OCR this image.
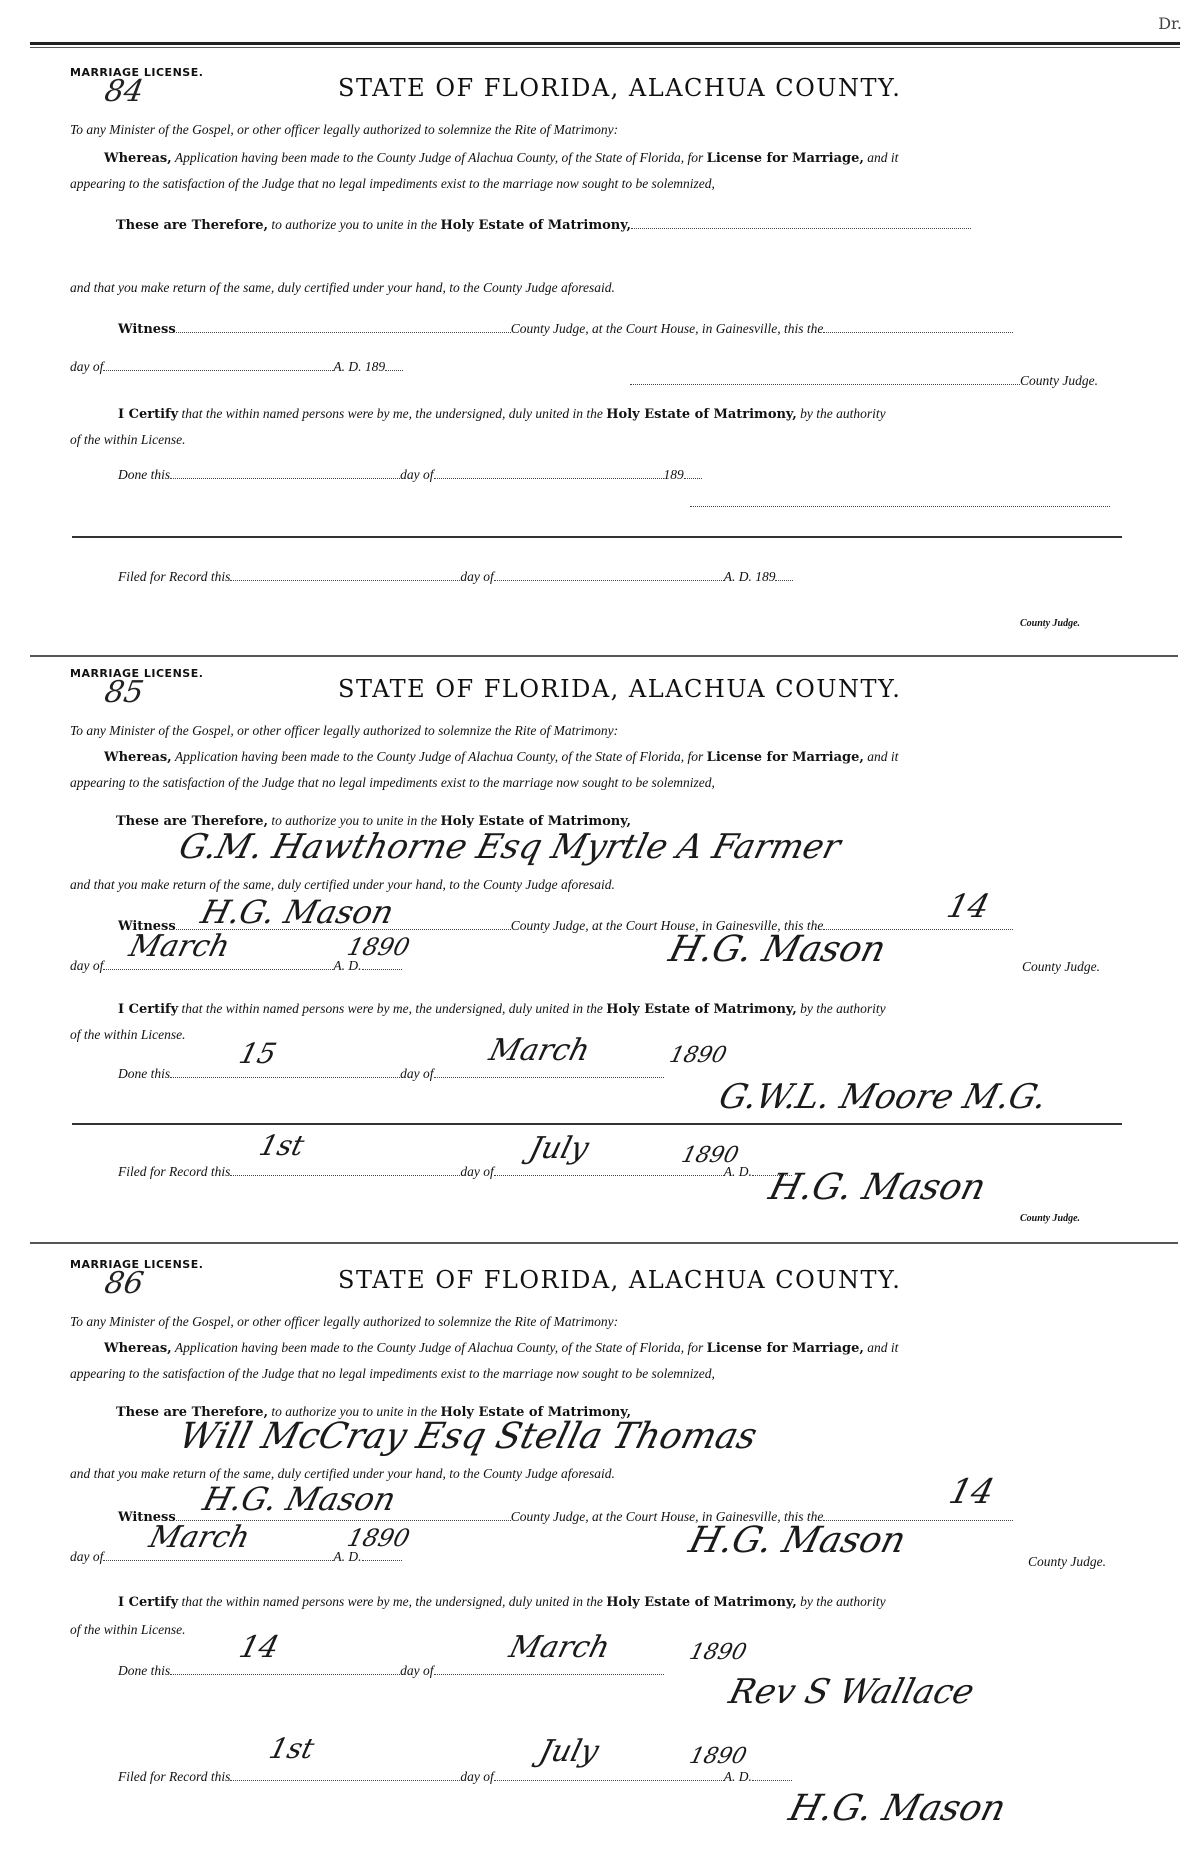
Dr.
MARRIAGE LICENSE.
84	STATE OF FLORIDA, ALACHUA COUNTY.
To any Minister of the Gospel, or other officer legally authorized to solemnize the Rite of Matrimony:
Whereas, Application having been made to the County Judge of Alachua County, of the State of Florida, for License for Marriage, and it
appearing to the satisfaction of the Judge that no legal impediments exist to the marriage now sought to be solemnized,
These are Therefore, to authorize you to unite in the Holy Estate of Matrimony,
and that you make return of the same, duly certified under your hand, to the County Judge aforesaid.
Witness	County Judge, at the Court House, in Gainesville, this the
day of	A. D. 189
County Judge.
I Certify that the within named persons were by me, the undersigned, duly united in the Holy Estate of Matrimony, by the authority
of the within License.
Done this	day of	189
Filed for Record this	day of	A. D. 189
County Judge.
MARRIAGE LICENSE.
85	STATE OF FLORIDA, ALACHUA COUNTY.
To any Minister of the Gospel, or other officer legally authorized to solemnize the Rite of Matrimony:
Whereas, Application having been made to the County Judge of Alachua County, of the State of Florida, for License for Marriage, and it
appearing to the satisfaction of the Judge that no legal impediments exist to the marriage now sought to be solemnized,
These are Therefore, to authorize you to unite in the Holy Estate of Matrimony,
G.M. Hawthorne Esq Myrtle A Farmer
and that you make return of the same, duly certified under your hand, to the County Judge aforesaid.
Witness	County Judge, at the Court House, in Gainesville, this the
H.G. Mason	14
day of	A. D.
March	1890
County Judge.
H.G. Mason
I Certify that the within named persons were by me, the undersigned, duly united in the Holy Estate of Matrimony, by the authority
of the within License.
Done this	day of
15	March	1890
G.W.L. Moore M.G.
Filed for Record this	day of	A. D.
1st	July	1890
H.G. Mason
County Judge.
MARRIAGE LICENSE.
86	STATE OF FLORIDA, ALACHUA COUNTY.
To any Minister of the Gospel, or other officer legally authorized to solemnize the Rite of Matrimony:
Whereas, Application having been made to the County Judge of Alachua County, of the State of Florida, for License for Marriage, and it
appearing to the satisfaction of the Judge that no legal impediments exist to the marriage now sought to be solemnized,
These are Therefore, to authorize you to unite in the Holy Estate of Matrimony,
Will McCray Esq Stella Thomas
and that you make return of the same, duly certified under your hand, to the County Judge aforesaid.
Witness	County Judge, at the Court House, in Gainesville, this the
H.G. Mason	14
day of	A. D.
March	1890
County Judge.
H.G. Mason
I Certify that the within named persons were by me, the undersigned, duly united in the Holy Estate of Matrimony, by the authority
of the within License.
Done this	day of
14	March	1890
Rev S Wallace
Filed for Record this	day of	A. D.
1st	July	1890
H.G. Mason
